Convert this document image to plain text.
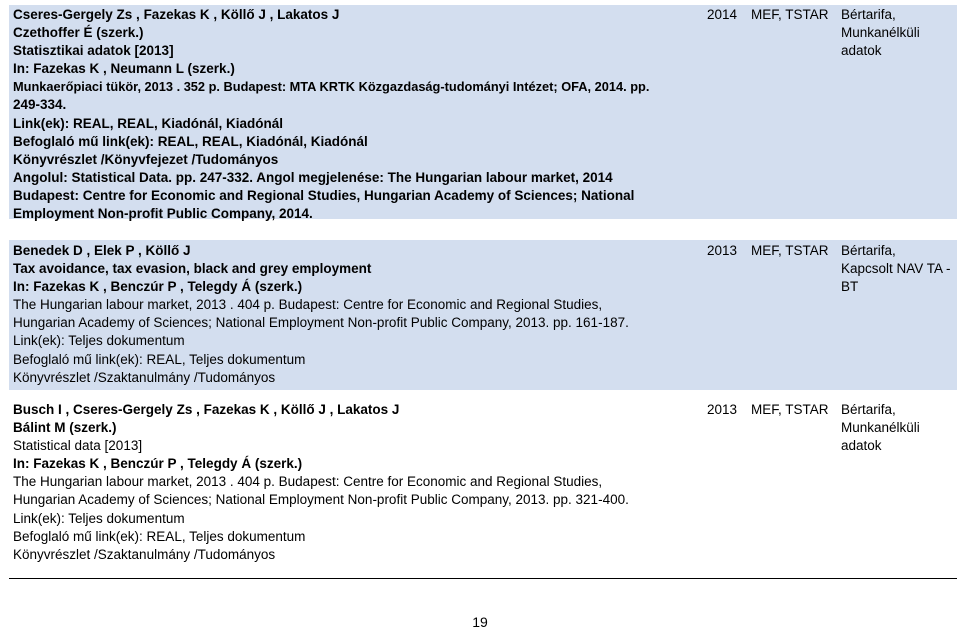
Cseres-Gergely Zs , Fazekas K , Köllő J , Lakatos J
Czethoffer É (szerk.)
Statisztikai adatok [2013]
In: Fazekas K , Neumann L (szerk.)
Munkaerőpiaci tükör, 2013 . 352 p. Budapest: MTA KRTK Közgazdaság-tudományi Intézet; OFA, 2014. pp.
249-334.
Link(ek): REAL, REAL, Kiadónál, Kiadónál
Befoglaló mű link(ek): REAL, REAL, Kiadónál, Kiadónál
Könyvrészlet /Könyvfejezet /Tudományos
Angolul: Statistical Data. pp. 247-332. Angol megjelenése: The Hungarian labour market, 2014 Budapest: Centre for Economic and Regional Studies, Hungarian Academy of Sciences; National Employment Non-profit Public Company, 2014.
2014 MEF, TSTAR Bértarifa,
Munkanélküli
adatok
Benedek D , Elek P , Köllő J
Tax avoidance, tax evasion, black and grey employment
In: Fazekas K , Benczúr P , Telegdy Á (szerk.)
The Hungarian labour market, 2013 . 404 p. Budapest: Centre for Economic and Regional Studies,
Hungarian Academy of Sciences; National Employment Non-profit Public Company, 2013. pp. 161-187.
Link(ek): Teljes dokumentum
Befoglaló mű link(ek): REAL, Teljes dokumentum
Könyvrészlet /Szaktanulmány /Tudományos
2013 MEF, TSTAR Bértarifa,
Kapcsolt NAV TA -
BT
Busch I , Cseres-Gergely Zs , Fazekas K , Köllő J , Lakatos J
Bálint M (szerk.)
Statistical data [2013]
In: Fazekas K , Benczúr P , Telegdy Á (szerk.)
The Hungarian labour market, 2013 . 404 p. Budapest: Centre for Economic and Regional Studies,
Hungarian Academy of Sciences; National Employment Non-profit Public Company, 2013. pp. 321-400.
Link(ek): Teljes dokumentum
Befoglaló mű link(ek): REAL, Teljes dokumentum
Könyvrészlet /Szaktanulmány /Tudományos
2013 MEF, TSTAR Bértarifa,
Munkanélküli
adatok
19
